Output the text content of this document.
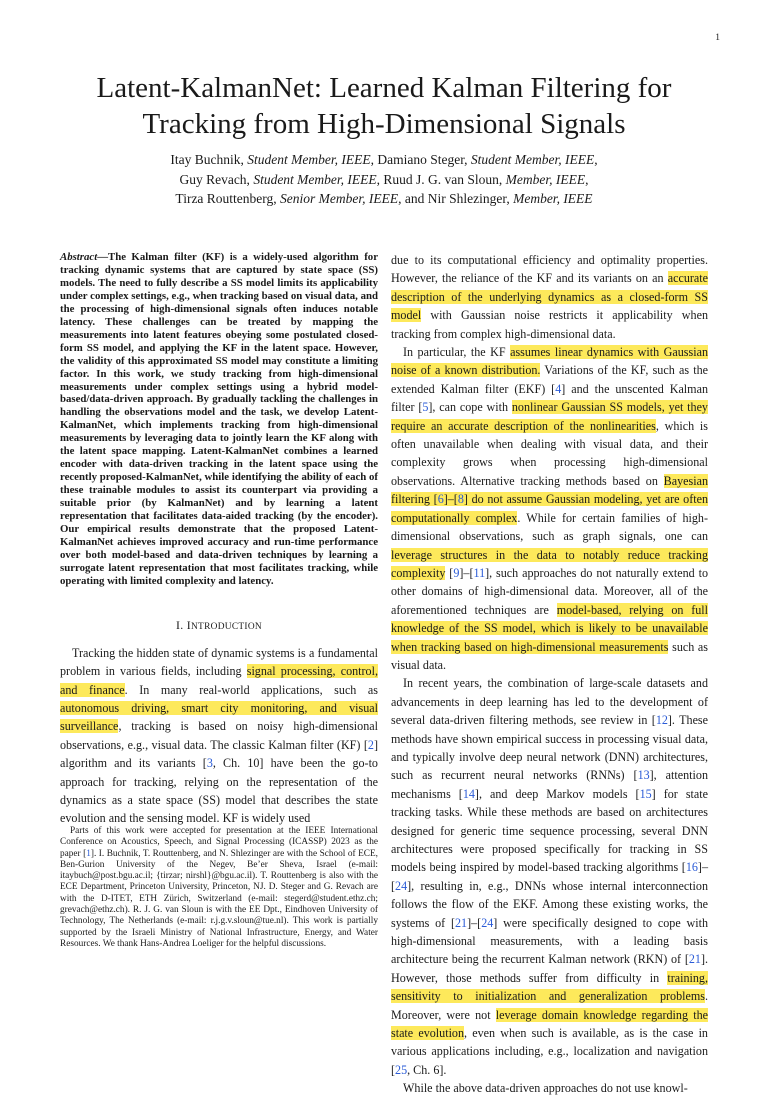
1
Latent-KalmanNet: Learned Kalman Filtering for
Tracking from High-Dimensional Signals
Itay Buchnik, Student Member, IEEE, Damiano Steger, Student Member, IEEE,
Guy Revach, Student Member, IEEE, Ruud J. G. van Sloun, Member, IEEE,
Tirza Routtenberg, Senior Member, IEEE, and Nir Shlezinger, Member, IEEE

Abstract—The Kalman filter (KF) is a widely-used algorithm for tracking dynamic systems that are captured by state space (SS) models. The need to fully describe a SS model limits its applicability under complex settings, e.g., when tracking based on visual data, and the processing of high-dimensional signals often induces notable latency. These challenges can be treated by mapping the measurements into latent features obeying some postulated closed-form SS model, and applying the KF in the latent space. However, the validity of this approximated SS model may constitute a limiting factor. In this work, we study tracking from high-dimensional measurements under complex settings using a hybrid model-based/data-driven approach. By gradually tackling the challenges in handling the observations model and the task, we develop Latent-KalmanNet, which implements tracking from high-dimensional measurements by leveraging data to jointly learn the KF along with the latent space mapping. Latent-KalmanNet combines a learned encoder with data-driven tracking in the latent space using the recently proposed-KalmanNet, while identifying the ability of each of these trainable modules to assist its counterpart via providing a suitable prior (by KalmanNet) and by learning a latent representation that facilitates data-aided tracking (by the encoder). Our empirical results demonstrate that the proposed Latent-KalmanNet achieves improved accuracy and run-time performance over both model-based and data-driven techniques by learning a surrogate latent representation that most facilitates tracking, while operating with limited complexity and latency.

I. INTRODUCTION

Tracking the hidden state of dynamic systems is a fundamental problem in various fields, including signal processing, control, and finance. In many real-world applications, such as autonomous driving, smart city monitoring, and visual surveillance, tracking is based on noisy high-dimensional observations, e.g., visual data. The classic Kalman filter (KF) [2] algorithm and its variants [3, Ch. 10] have been the go-to approach for tracking, relying on the representation of the dynamics as a state space (SS) model that describes the state evolution and the sensing model. KF is widely used

Parts of this work were accepted for presentation at the IEEE International Conference on Acoustics, Speech, and Signal Processing (ICASSP) 2023 as the paper [1]. I. Buchnik, T. Routtenberg, and N. Shlezinger are with the School of ECE, Ben-Gurion University of the Negev, Be’er Sheva, Israel (e-mail: itaybuch@post.bgu.ac.il; {tirzar; nirshl}@bgu.ac.il). T. Routtenberg is also with the ECE Department, Princeton University, Princeton, NJ. D. Steger and G. Revach are with the D-ITET, ETH Zürich, Switzerland (e-mail: stegerd@student.ethz.ch; grevach@ethz.ch). R. J. G. van Sloun is with the EE Dpt., Eindhoven University of Technology, The Netherlands (e-mail: r.j.g.v.sloun@tue.nl). This work is partially supported by the Israeli Ministry of National Infrastructure, Energy, and Water Resources. We thank Hans-Andrea Loeliger for the helpful discussions.

due to its computational efficiency and optimality properties. However, the reliance of the KF and its variants on an accurate description of the underlying dynamics as a closed-form SS model with Gaussian noise restricts it applicability when tracking from complex high-dimensional data.

In particular, the KF assumes linear dynamics with Gaussian noise of a known distribution. Variations of the KF, such as the extended Kalman filter (EKF) [4] and the unscented Kalman filter [5], can cope with nonlinear Gaussian SS models, yet they require an accurate description of the nonlinearities, which is often unavailable when dealing with visual data, and their complexity grows when processing high-dimensional observations. Alternative tracking methods based on Bayesian filtering [6]–[8] do not assume Gaussian modeling, yet are often computationally complex. While for certain families of high-dimensional observations, such as graph signals, one can leverage structures in the data to notably reduce tracking complexity [9]–[11], such approaches do not naturally extend to other domains of high-dimensional data. Moreover, all of the aforementioned techniques are model-based, relying on full knowledge of the SS model, which is likely to be unavailable when tracking based on high-dimensional measurements such as visual data.

In recent years, the combination of large-scale datasets and advancements in deep learning has led to the development of several data-driven filtering methods, see review in [12]. These methods have shown empirical success in processing visual data, and typically involve deep neural network (DNN) architectures, such as recurrent neural networks (RNNs) [13], attention mechanisms [14], and deep Markov models [15] for state tracking tasks. While these methods are based on architectures designed for generic time sequence processing, several DNN architectures were proposed specifically for tracking in SS models being inspired by model-based tracking algorithms [16]–[24], resulting in, e.g., DNNs whose internal interconnection follows the flow of the EKF. Among these existing works, the systems of [21]–[24] were specifically designed to cope with high-dimensional measurements, with a leading basis architecture being the recurrent Kalman network (RKN) of [21]. However, those methods suffer from difficulty in training, sensitivity to initialization and generalization problems. Moreover, were not leverage domain knowledge regarding the state evolution, even when such is available, as is the case in various applications including, e.g., localization and navigation [25, Ch. 6].

While the above data-driven approaches do not use knowl-
